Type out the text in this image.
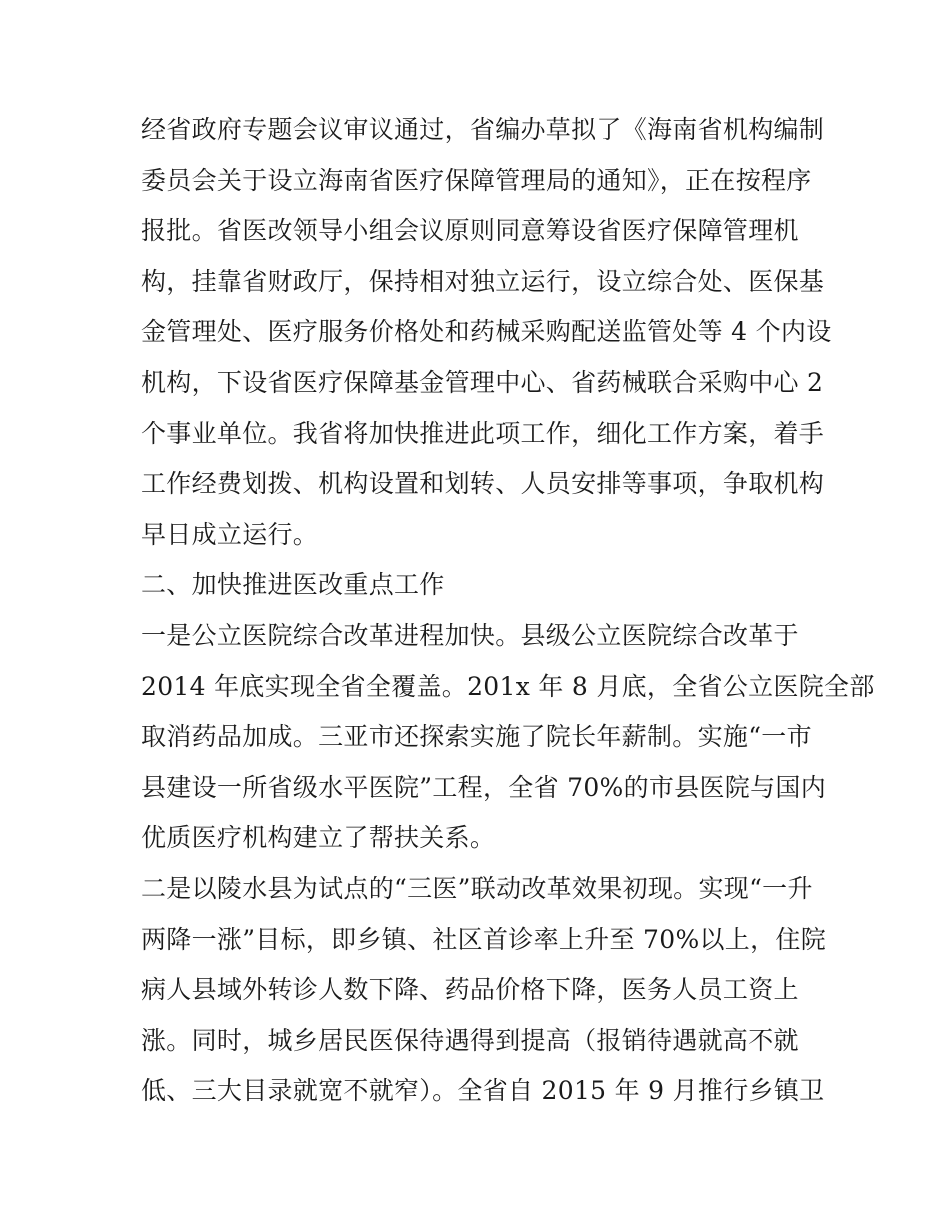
经省政府专题会议审议通过，省编办草拟了《海南省机构编制
委员会关于设立海南省医疗保障管理局的通知》，正在按程序
报批。省医改领导小组会议原则同意筹设省医疗保障管理机
构，挂靠省财政厅，保持相对独立运行，设立综合处、医保基
金管理处、医疗服务价格处和药械采购配送监管处等 4 个内设
机构，下设省医疗保障基金管理中心、省药械联合采购中心 2
个事业单位。我省将加快推进此项工作，细化工作方案，着手
工作经费划拨、机构设置和划转、人员安排等事项，争取机构
早日成立运行。
二、加快推进医改重点工作
一是公立医院综合改革进程加快。县级公立医院综合改革于
2014 年底实现全省全覆盖。201x 年 8 月底，全省公立医院全部
取消药品加成。三亚市还探索实施了院长年薪制。实施“一市
县建设一所省级水平医院”工程，全省 70%的市县医院与国内
优质医疗机构建立了帮扶关系。
二是以陵水县为试点的“三医”联动改革效果初现。实现“一升
两降一涨”目标，即乡镇、社区首诊率上升至 70%以上，住院
病人县域外转诊人数下降、药品价格下降，医务人员工资上
涨。同时，城乡居民医保待遇得到提高（报销待遇就高不就
低、三大目录就宽不就窄）。全省自 2015 年 9 月推行乡镇卫
